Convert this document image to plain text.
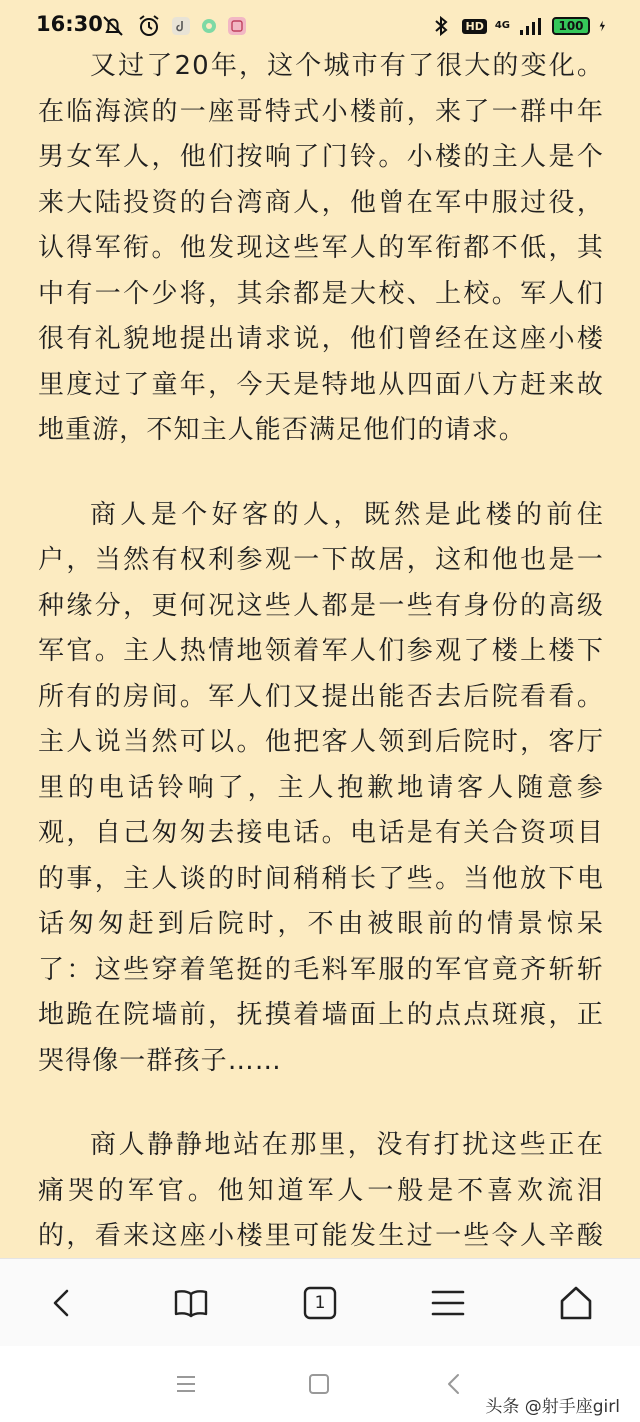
16:30	HD	4G	100

又过了20年，这个城市有了很大的变化。在临海滨的一座哥特式小楼前，来了一群中年男女军人，他们按响了门铃。小楼的主人是个来大陆投资的台湾商人，他曾在军中服过役，认得军衔。他发现这些军人的军衔都不低，其中有一个少将，其余都是大校、上校。军人们很有礼貌地提出请求说，他们曾经在这座小楼里度过了童年，今天是特地从四面八方赶来故地重游，不知主人能否满足他们的请求。

商人是个好客的人，既然是此楼的前住户，当然有权利参观一下故居，这和他也是一种缘分，更何况这些人都是一些有身份的高级军官。主人热情地领着军人们参观了楼上楼下所有的房间。军人们又提出能否去后院看看。主人说当然可以。他把客人领到后院时，客厅里的电话铃响了，主人抱歉地请客人随意参观，自己匆匆去接电话。电话是有关合资项目的事，主人谈的时间稍稍长了些。当他放下电话匆匆赶到后院时，不由被眼前的情景惊呆了：这些穿着笔挺的毛料军服的军官竟齐斩斩地跪在院墙前，抚摸着墙面上的点点斑痕，正哭得像一群孩子……

商人静静地站在那里，没有打扰这些正在痛哭的军官。他知道军人一般是不喜欢流泪的，看来这座小楼里可能发生过一些令人辛酸

1
头条 @射手座girl
